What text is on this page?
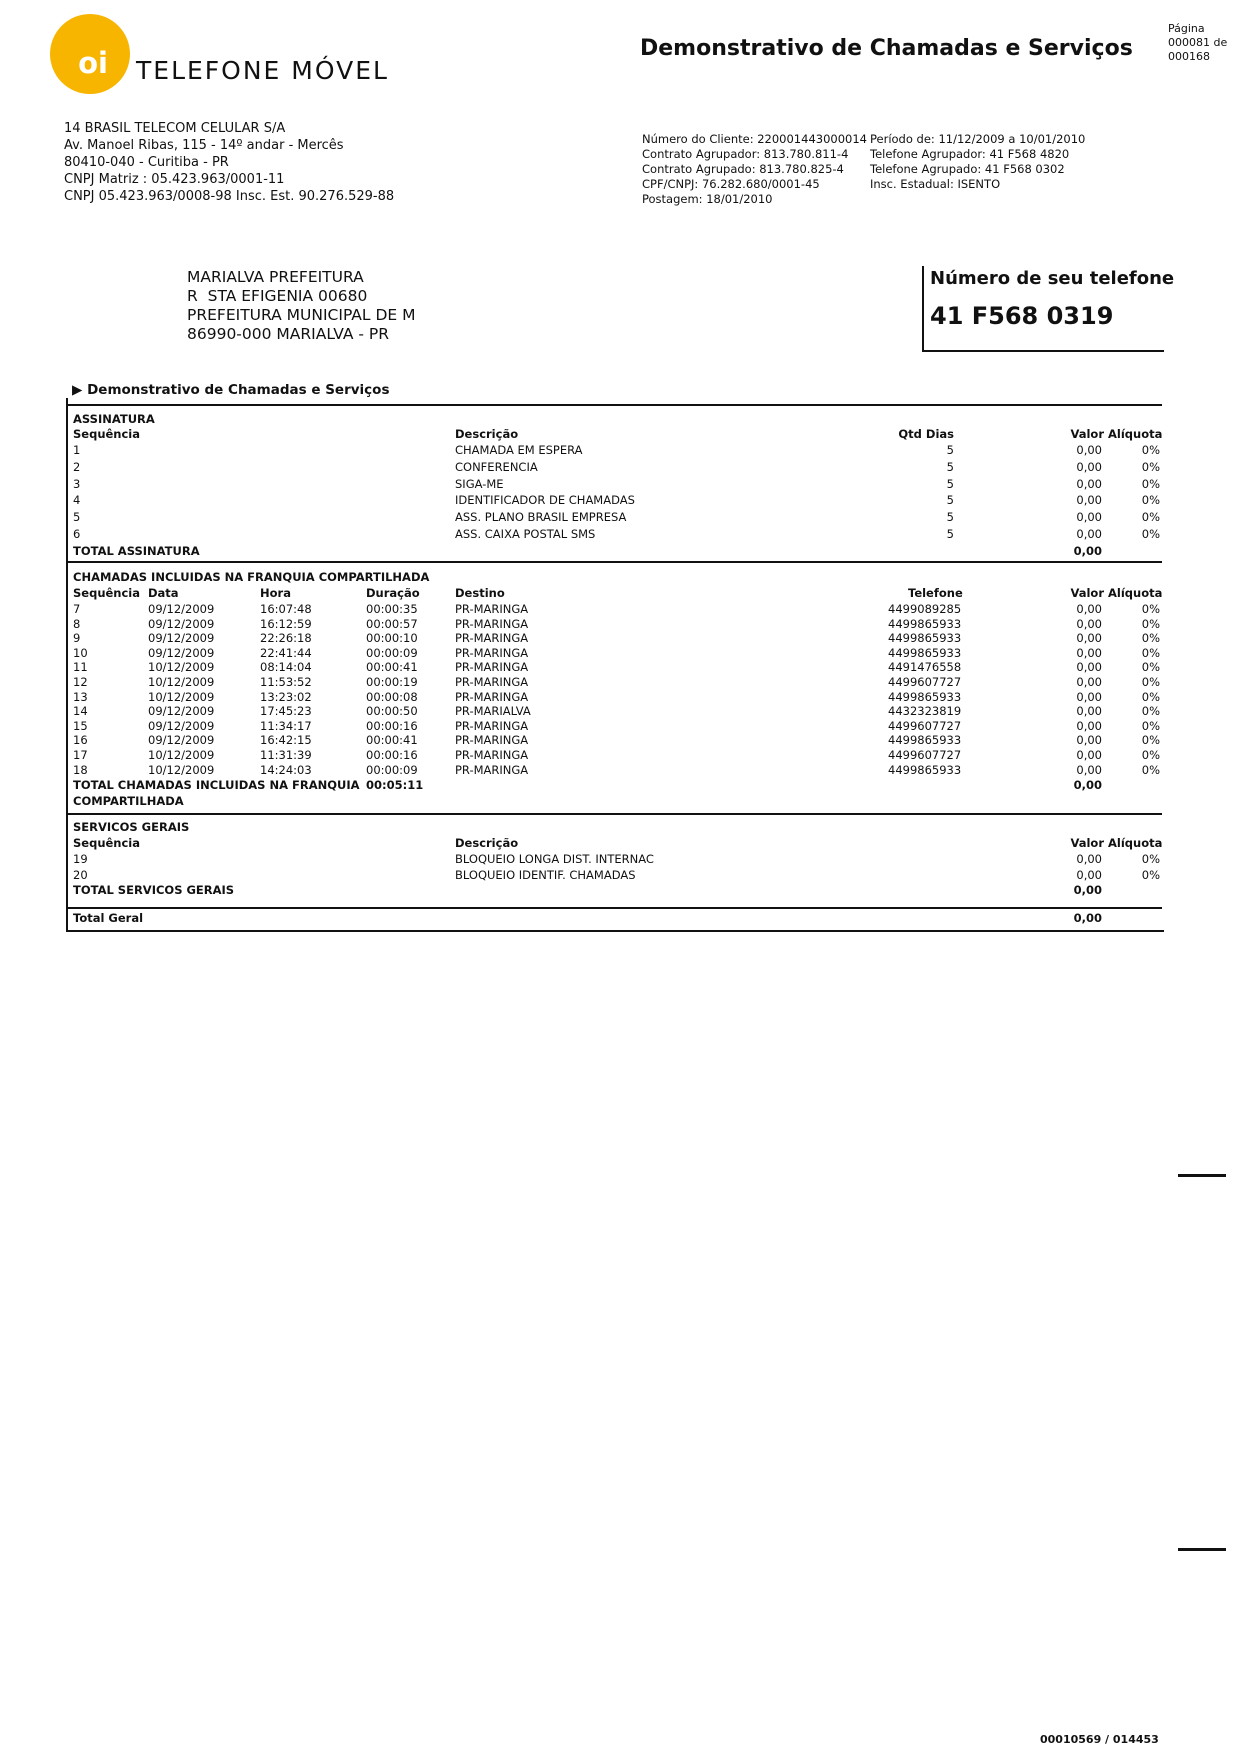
oi	TELEFONE MÓVEL
Demonstrativo de Chamadas e Serviços
Página
000081 de
000168
14 BRASIL TELECOM CELULAR S/A
Av. Manoel Ribas, 115 - 14º andar - Mercês
80410-040 - Curitiba - PR
CNPJ Matriz : 05.423.963/0001-11
CNPJ 05.423.963/0008-98 Insc. Est. 90.276.529-88
Número do Cliente: 220001443000014
Contrato Agrupador: 813.780.811-4
Contrato Agrupado: 813.780.825-4
CPF/CNPJ: 76.282.680/0001-45
Postagem: 18/01/2010
Período de: 11/12/2009 a 10/01/2010
Telefone Agrupador: 41 F568 4820
Telefone Agrupado: 41 F568 0302
Insc. Estadual: ISENTO
MARIALVA PREFEITURA
R  STA EFIGENIA 00680
PREFEITURA MUNICIPAL DE M
86990-000 MARIALVA - PR
Número de seu telefone
41 F568 0319
▶ Demonstrativo de Chamadas e Serviços
ASSINATURA
Sequência	Descrição	Qtd Dias	Valor Alíquota
1	CHAMADA EM ESPERA	5	0,00	0%
2	CONFERENCIA	5	0,00	0%
3	SIGA-ME	5	0,00	0%
4	IDENTIFICADOR DE CHAMADAS	5	0,00	0%
5	ASS. PLANO BRASIL EMPRESA	5	0,00	0%
6	ASS. CAIXA POSTAL SMS	5	0,00	0%
TOTAL ASSINATURA	0,00
CHAMADAS INCLUIDAS NA FRANQUIA COMPARTILHADA
Sequência Data	Hora	Duração	Destino	Telefone	Valor Alíquota
7	09/12/2009	16:07:48	00:00:35	PR-MARINGA	4499089285	0,00	0%
8	09/12/2009	16:12:59	00:00:57	PR-MARINGA	4499865933	0,00	0%
9	09/12/2009	22:26:18	00:00:10	PR-MARINGA	4499865933	0,00	0%
10	09/12/2009	22:41:44	00:00:09	PR-MARINGA	4499865933	0,00	0%
11	10/12/2009	08:14:04	00:00:41	PR-MARINGA	4491476558	0,00	0%
12	10/12/2009	11:53:52	00:00:19	PR-MARINGA	4499607727	0,00	0%
13	10/12/2009	13:23:02	00:00:08	PR-MARINGA	4499865933	0,00	0%
14	09/12/2009	17:45:23	00:00:50	PR-MARIALVA	4432323819	0,00	0%
15	09/12/2009	11:34:17	00:00:16	PR-MARINGA	4499607727	0,00	0%
16	09/12/2009	16:42:15	00:00:41	PR-MARINGA	4499865933	0,00	0%
17	10/12/2009	11:31:39	00:00:16	PR-MARINGA	4499607727	0,00	0%
18	10/12/2009	14:24:03	00:00:09	PR-MARINGA	4499865933	0,00	0%
TOTAL CHAMADAS INCLUIDAS NA FRANQUIA
COMPARTILHADA
00:05:11	0,00
SERVICOS GERAIS
Sequência	Descrição	Valor Alíquota
19	BLOQUEIO LONGA DIST. INTERNAC	0,00	0%
20	BLOQUEIO IDENTIF. CHAMADAS	0,00	0%
TOTAL SERVICOS GERAIS	0,00
Total Geral	0,00
00010569 / 014453
